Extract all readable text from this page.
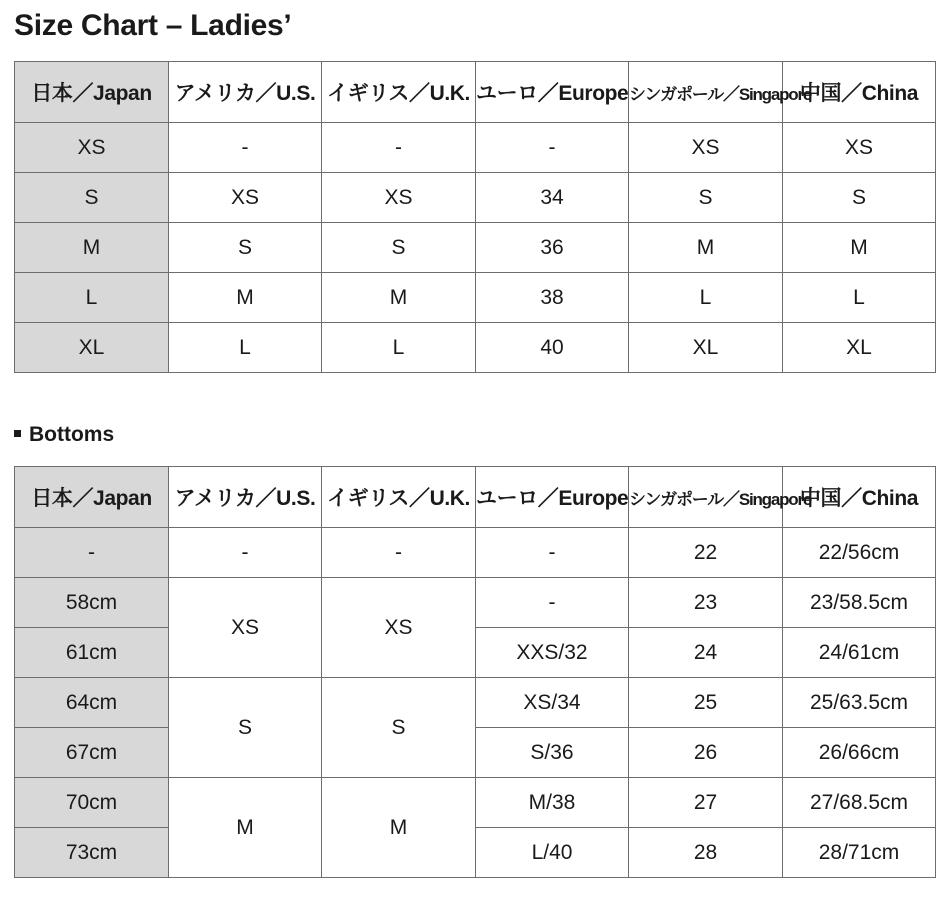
Size Chart – Ladies’
日本／Japan	アメリカ／U.S.	イギリス／U.K.	ユーロ／Europe	シンガポール／Singapore	中国／China
XS	-	-	-	XS	XS
S	XS	XS	34	S	S
M	S	S	36	M	M
L	M	M	38	L	L
XL	L	L	40	XL	XL
Bottoms
日本／Japan	アメリカ／U.S.	イギリス／U.K.	ユーロ／Europe	シンガポール／Singapore	中国／China
-	-	-	-	22	22/56cm
58cm	XS	XS	-	23	23/58.5cm
61cm			XXS/32	24	24/61cm
64cm	S	S	XS/34	25	25/63.5cm
67cm			S/36	26	26/66cm
70cm	M	M	M/38	27	27/68.5cm
73cm			L/40	28	28/71cm
